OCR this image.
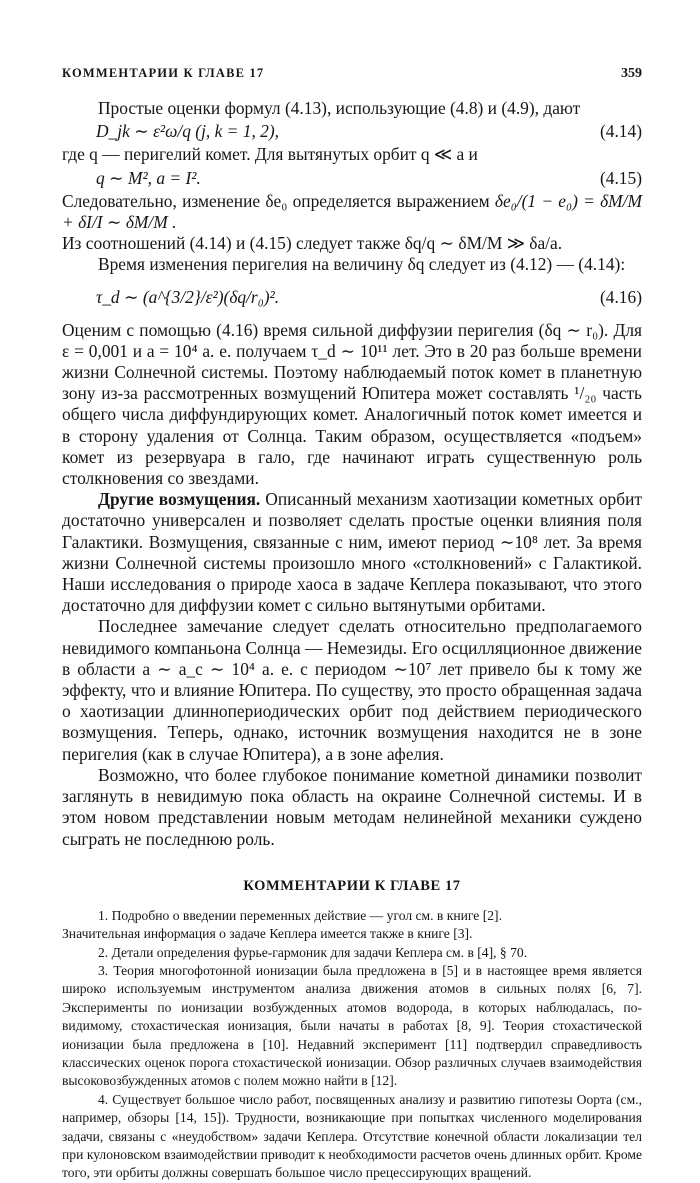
КОММЕНТАРИИ К ГЛАВЕ 17	359

Простые оценки формул (4.13), использующие (4.8) и (4.9), дают

D_jk ∼ ε²ω/q (j, k = 1, 2),	(4.14)

где q — перигелий комет. Для вытянутых орбит q ≪ a и

q ∼ M², a = I².	(4.15)

Следовательно, изменение δe₀ определяется выражением δe₀/(1 − e₀) = δM/M + δI/I ∼ δM/M .

Из соотношений (4.14) и (4.15) следует также δq/q ∼ δM/M ≫ δa/a.

Время изменения перигелия на величину δq следует из (4.12) — (4.14):

τ_d ∼ (a^{3/2}/ε²)(δq/r₀)².	(4.16)

Оценим с помощью (4.16) время сильной диффузии перигелия (δq ∼ r₀). Для ε = 0,001 и a = 10⁴ а. е. получаем τ_d ∼ 10¹¹ лет. Это в 20 раз больше времени жизни Солнечной системы. Поэтому наблюдаемый поток комет в планетную зону из-за рассмотренных возмущений Юпитера может составлять ¹/₂₀ часть общего числа диффундирующих комет. Аналогичный поток комет имеется и в сторону удаления от Солнца. Таким образом, осуществляется «подъем» комет из резервуара в гало, где начинают играть существенную роль столкновения со звездами.

Другие возмущения. Описанный механизм хаотизации кометных орбит достаточно универсален и позволяет сделать простые оценки влияния поля Галактики. Возмущения, связанные с ним, имеют период ∼10⁸ лет. За время жизни Солнечной системы произошло много «столкновений» с Галактикой. Наши исследования о природе хаоса в задаче Кеплера показывают, что этого достаточно для диффузии комет с сильно вытянутыми орбитами.

Последнее замечание следует сделать относительно предполагаемого невидимого компаньона Солнца — Немезиды. Его осцилляционное движение в области a ∼ a_c ∼ 10⁴ а. е. с периодом ∼10⁷ лет привело бы к тому же эффекту, что и влияние Юпитера. По существу, это просто обращенная задача о хаотизации длиннопериодических орбит под действием периодического возмущения. Теперь, однако, источник возмущения находится не в зоне перигелия (как в случае Юпитера), а в зоне афелия.

Возможно, что более глубокое понимание кометной динамики позволит заглянуть в невидимую пока область на окраине Солнечной системы. И в этом новом представлении новым методам нелинейной механики суждено сыграть не последнюю роль.

КОММЕНТАРИИ К ГЛАВЕ 17

1. Подробно о введении переменных действие — угол см. в книге [2].

Значительная информация о задаче Кеплера имеется также в книге [3].

2. Детали определения фурье-гармоник для задачи Кеплера см. в [4], § 70.

3. Теория многофотонной ионизации была предложена в [5] и в настоящее время является широко используемым инструментом анализа движения атомов в сильных полях [6, 7]. Эксперименты по ионизации возбужденных атомов водорода, в которых наблюдалась, по-видимому, стохастическая ионизация, были начаты в работах [8, 9]. Теория стохастической ионизации была предложена в [10]. Недавний эксперимент [11] подтвердил справедливость классических оценок порога стохастической ионизации. Обзор различных случаев взаимодействия высоковозбужденных атомов с полем можно найти в [12].

4. Существует большое число работ, посвященных анализу и развитию гипотезы Оорта (см., например, обзоры [14, 15]). Трудности, возникающие при попытках численного моделирования задачи, связаны с «неудобством» задачи Кеплера. Отсутствие конечной области локализации тел при кулоновском взаимодействии приводит к необходимости расчетов очень длинных орбит. Кроме того, эти орбиты должны совершать большое число прецессирующих вращений.
